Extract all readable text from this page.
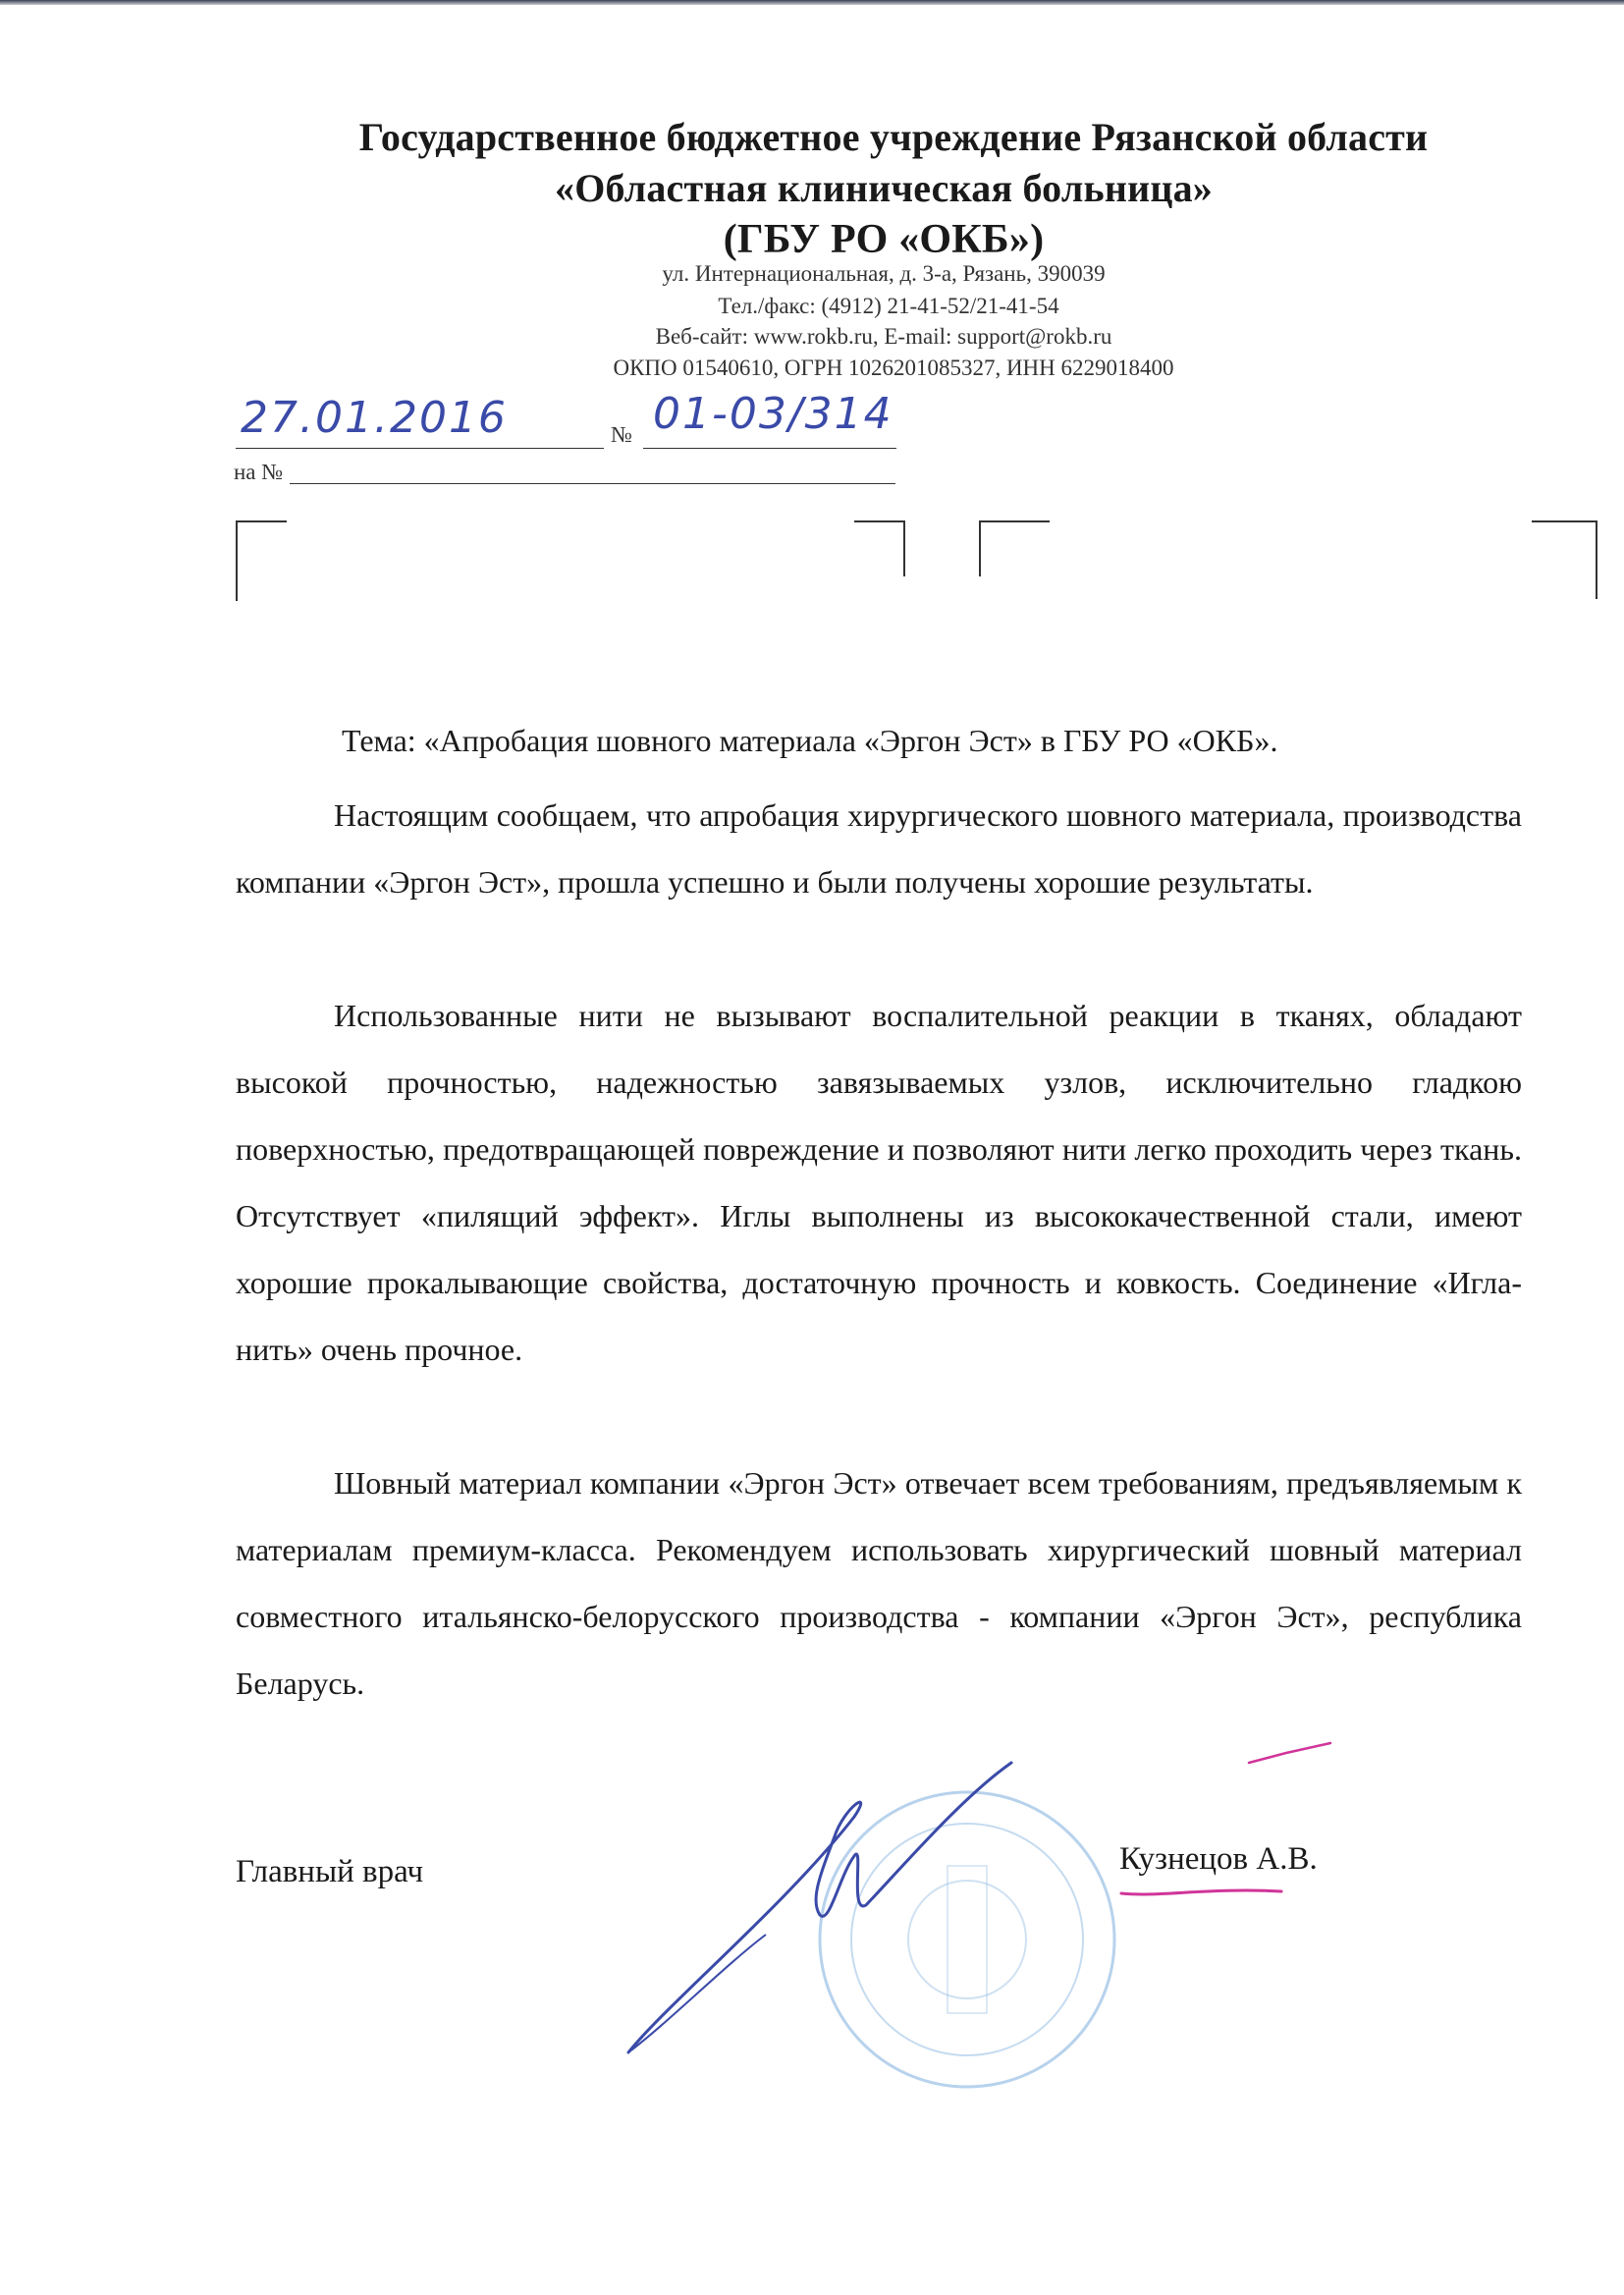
Государственное бюджетное учреждение Рязанской области
«Областная клиническая больница»
(ГБУ РО «ОКБ»)
ул. Интернациональная, д. 3-а, Рязань, 390039
Тел./факс: (4912) 21-41-52/21-41-54
Веб-сайт: www.rokb.ru, E-mail: support@rokb.ru
ОКПО 01540610, ОГРН 1026201085327, ИНН 6229018400
27.01.2016	№ 01-03/314
на №
Тема: «Апробация шовного материала «Эргон Эст» в ГБУ РО «ОКБ».
Настоящим сообщаем, что апробация хирургического шовного материала, производства компании «Эргон Эст», прошла успешно и были получены хорошие результаты.
Использованные нити не вызывают воспалительной реакции в тканях, обладают высокой прочностью, надежностью завязываемых узлов, исключительно гладкою поверхностью, предотвращающей повреждение и позволяют нити легко проходить через ткань. Отсутствует «пилящий эффект». Иглы выполнены из высококачественной стали, имеют хорошие прокалывающие свойства, достаточную прочность и ковкость. Соединение «Игла-нить» очень прочное.
Шовный материал компании «Эргон Эст» отвечает всем требованиям, предъявляемым к материалам премиум-класса. Рекомендуем использовать хирургический шовный материал совместного итальянско-белорусского производства - компании «Эргон Эст», республика Беларусь.
Главный врач	Кузнецов А.В.
